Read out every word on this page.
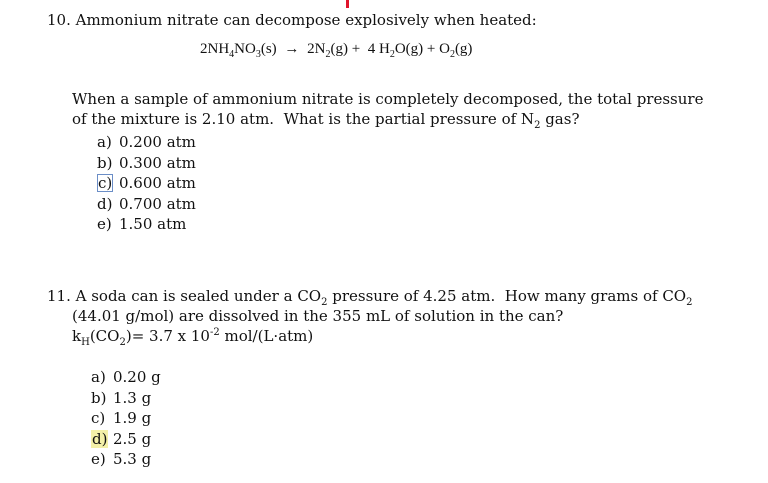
10. Ammonium nitrate can decompose explosively when heated:
$2NH_4NO_3(s) \to 2N_2(g) + 4$ $H_2O(g) + O_2(g)$
When a sample of ammonium nitrate is completely decomposed, the total pressure
of the mixture is 2.10 atm.  What is the partial pressure of $N_2$ gas?
a) 0.200 atm
b) 0.300 atm
c) 0.600 atm
d) 0.700 atm
e) 1.50 atm
11. A soda can is sealed under a $CO_2$ pressure of 4.25 atm.  How many grams of $CO_2$
(44.01 g/mol) are dissolved in the 355 mL of solution in the can?
$k_H(CO_2)= 3.7$ x $10^{-2}$ mol/(L·atm)
a) 0.20 g
b) 1.3 g
c) 1.9 g
d) 2.5 g
e) 5.3 g
